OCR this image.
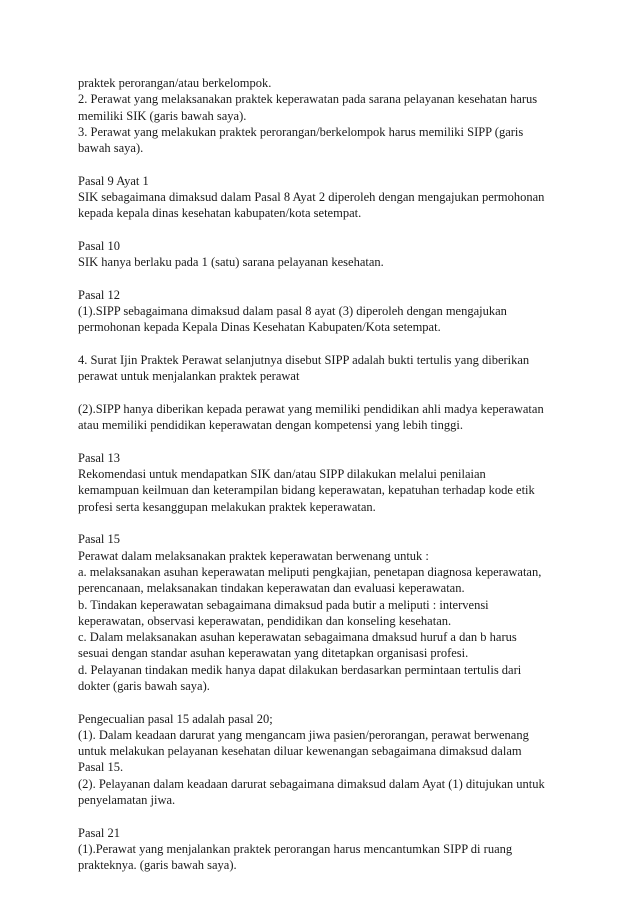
praktek perorangan/atau berkelompok.
2. Perawat yang melaksanakan praktek keperawatan pada sarana pelayanan kesehatan harus
memiliki SIK (garis bawah saya).
3. Perawat yang melakukan praktek perorangan/berkelompok harus memiliki SIPP (garis
bawah saya).

Pasal 9 Ayat 1
SIK sebagaimana dimaksud dalam Pasal 8 Ayat 2 diperoleh dengan mengajukan permohonan
kepada kepala dinas kesehatan kabupaten/kota setempat.

Pasal 10
SIK hanya berlaku pada 1 (satu) sarana pelayanan kesehatan.

Pasal 12
(1).SIPP sebagaimana dimaksud dalam pasal 8 ayat (3) diperoleh dengan mengajukan
permohonan kepada Kepala Dinas Kesehatan Kabupaten/Kota setempat.

4. Surat Ijin Praktek Perawat selanjutnya disebut SIPP adalah bukti tertulis yang diberikan
perawat untuk menjalankan praktek perawat

(2).SIPP hanya diberikan kepada perawat yang memiliki pendidikan ahli madya keperawatan
atau memiliki pendidikan keperawatan dengan kompetensi yang lebih tinggi.

Pasal 13
Rekomendasi untuk mendapatkan SIK dan/atau SIPP dilakukan melalui penilaian
kemampuan keilmuan dan keterampilan bidang keperawatan, kepatuhan terhadap kode etik
profesi serta kesanggupan melakukan praktek keperawatan.

Pasal 15
Perawat dalam melaksanakan praktek keperawatan berwenang untuk :
a. melaksanakan asuhan keperawatan meliputi pengkajian, penetapan diagnosa keperawatan,
perencanaan, melaksanakan tindakan keperawatan dan evaluasi keperawatan.
b. Tindakan keperawatan sebagaimana dimaksud pada butir a meliputi : intervensi
keperawatan, observasi keperawatan, pendidikan dan konseling kesehatan.
c. Dalam melaksanakan asuhan keperawatan sebagaimana dmaksud huruf a dan b harus
sesuai dengan standar asuhan keperawatan yang ditetapkan organisasi profesi.
d. Pelayanan tindakan medik hanya dapat dilakukan berdasarkan permintaan tertulis dari
dokter (garis bawah saya).

Pengecualian pasal 15 adalah pasal 20;
(1). Dalam keadaan darurat yang mengancam jiwa pasien/perorangan, perawat berwenang
untuk melakukan pelayanan kesehatan diluar kewenangan sebagaimana dimaksud dalam
Pasal 15.
(2). Pelayanan dalam keadaan darurat sebagaimana dimaksud dalam Ayat (1) ditujukan untuk
penyelamatan jiwa.

Pasal 21
(1).Perawat yang menjalankan praktek perorangan harus mencantumkan SIPP di ruang
prakteknya. (garis bawah saya).
